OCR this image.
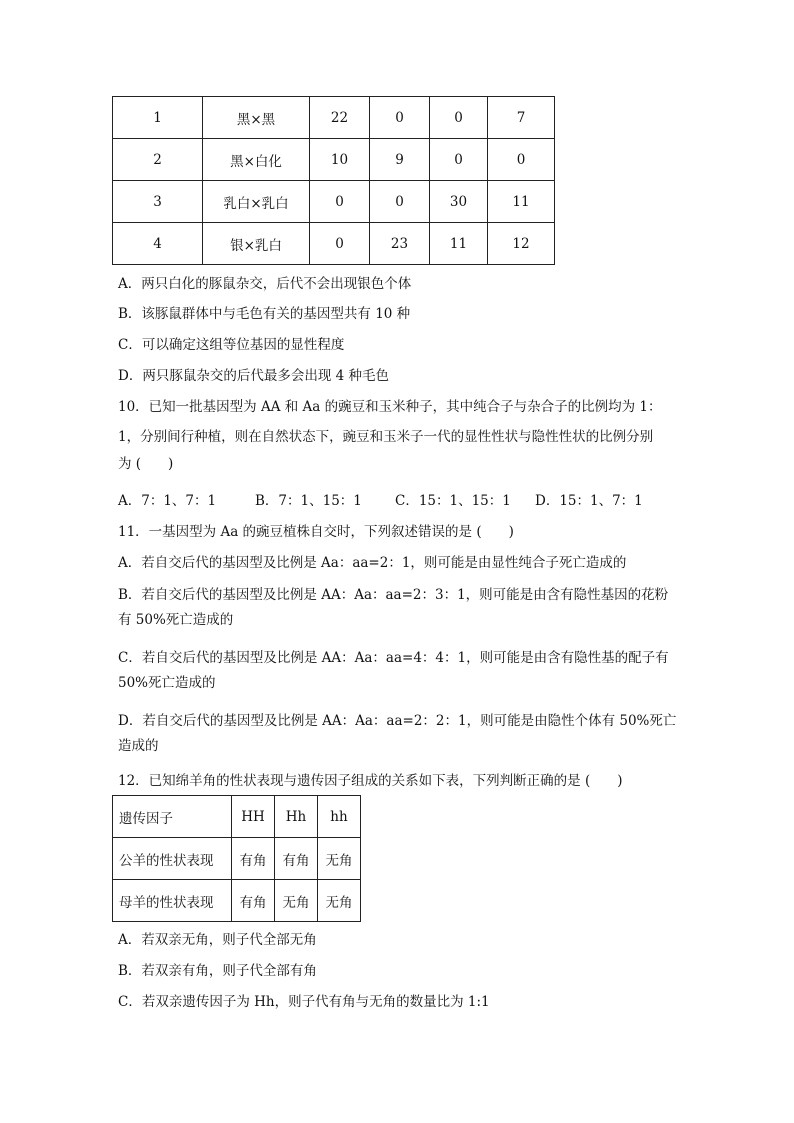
1	黑×黑	22	0	0	7
2	黑×白化	10	9	0	0
3	乳白×乳白	0	0	30	11
4	银×乳白	0	23	11	12
A．两只白化的豚鼠杂交，后代不会出现银色个体
B．该豚鼠群体中与毛色有关的基因型共有 10 种
C．可以确定这组等位基因的显性程度
D．两只豚鼠杂交的后代最多会出现 4 种毛色
10．已知一批基因型为 AA 和 Aa 的豌豆和玉米种子，其中纯合子与杂合子的比例均为 1：
1，分别间行种植，则在自然状态下，豌豆和玉米子一代的显性性状与隐性性状的比例分别
为 (　　)
A．7：1、7：1	B．7：1、15：1 C．15：1、15：1 D．15：1、7：1
11．一基因型为 Aa 的豌豆植株自交时，下列叙述错误的是 (　　)
A．若自交后代的基因型及比例是 Aa：aa=2：1，则可能是由显性纯合子死亡造成的
B．若自交后代的基因型及比例是 AA：Aa：aa=2：3：1，则可能是由含有隐性基因的花粉
有 50%死亡造成的
C．若自交后代的基因型及比例是 AA：Aa：aa=4：4：1，则可能是由含有隐性基的配子有
50%死亡造成的
D．若自交后代的基因型及比例是 AA：Aa：aa=2：2：1，则可能是由隐性个体有 50%死亡
造成的
12．已知绵羊角的性状表现与遗传因子组成的关系如下表，下列判断正确的是 (　　)
遗传因子	HH	Hh	hh
公羊的性状表现	有角	有角	无角
母羊的性状表现	有角	无角	无角
A．若双亲无角，则子代全部无角
B．若双亲有角，则子代全部有角
C．若双亲遗传因子为 Hh，则子代有角与无角的数量比为 1:1
